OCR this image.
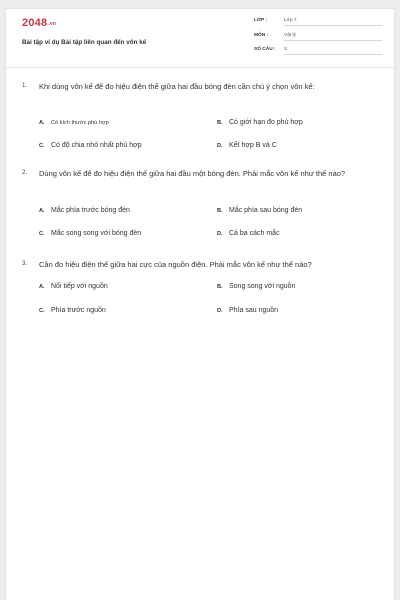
$2048^{.vn}$
Bài tập ví dụ Bài tập liên quan đến vôn kế
LỚP :	Lớp 7
MÔN :	Vật lý
SỐ CÂU : 3
1. Khi dùng vôn kế để đo hiệu điện thế giữa hai đầu bóng đèn cần chú ý chọn vôn kế:
A. Có kích thước phù hợp	B. Có giới hạn đo phù hợp
C. Có độ chia nhỏ nhất phù hợp	D. Kết hợp B và C
2. Dùng vôn kế để đo hiệu điện thế giữa hai đầu một bóng đèn. Phải mắc vôn kế như thế nào?
A. Mắc phía trước bóng đèn	B. Mắc phía sau bóng đèn
C. Mắc song song với bóng đèn	D. Cả ba cách mắc
3. Cần đo hiệu điện thế giữa hai cực của nguồn điện. Phải mắc vôn kế như thế nào?
A. Nối tiếp với nguồn	B. Song song với nguồn
C. Phía trước nguồn	D. Phía sau nguồn
